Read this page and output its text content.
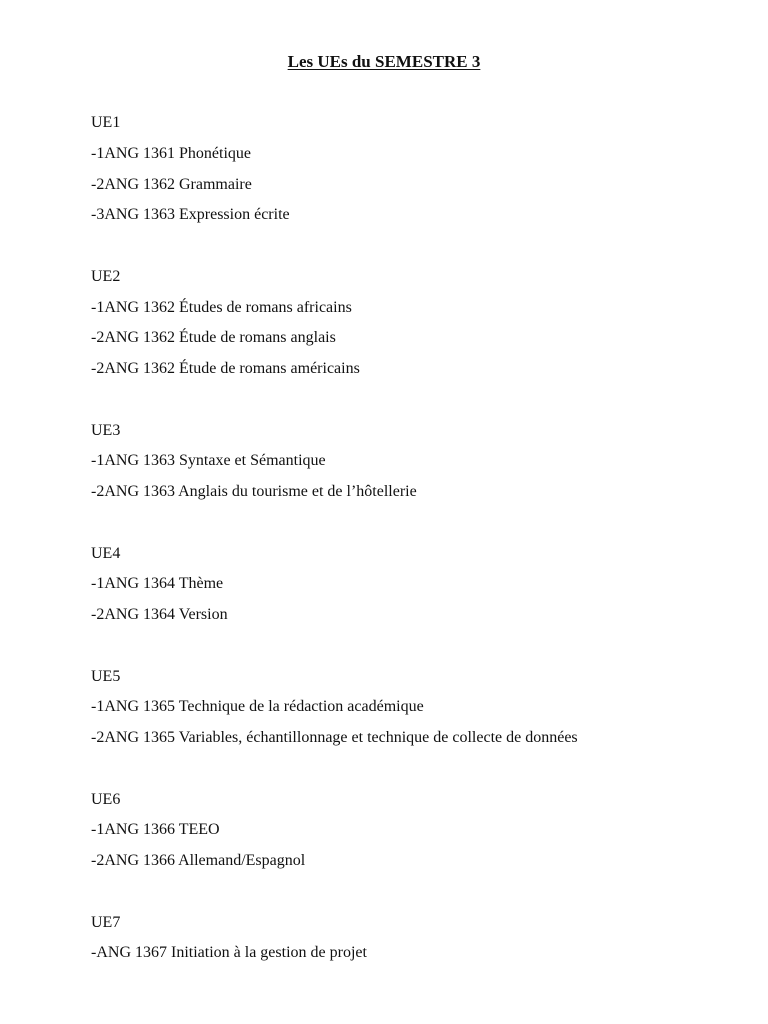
Les UEs du SEMESTRE 3
UE1
-1ANG 1361 Phonétique
-2ANG 1362 Grammaire
-3ANG 1363 Expression écrite
UE2
-1ANG 1362 Études de romans africains
-2ANG 1362 Étude de romans anglais
-2ANG 1362 Étude de romans américains
UE3
-1ANG 1363 Syntaxe et Sémantique
-2ANG 1363 Anglais du tourisme et de l’hôtellerie
UE4
-1ANG 1364 Thème
-2ANG 1364 Version
UE5
-1ANG 1365 Technique de la rédaction académique
-2ANG 1365 Variables, échantillonnage et technique de collecte de données
UE6
-1ANG 1366 TEEO
-2ANG 1366 Allemand/Espagnol
UE7
-ANG 1367 Initiation à la gestion de projet
